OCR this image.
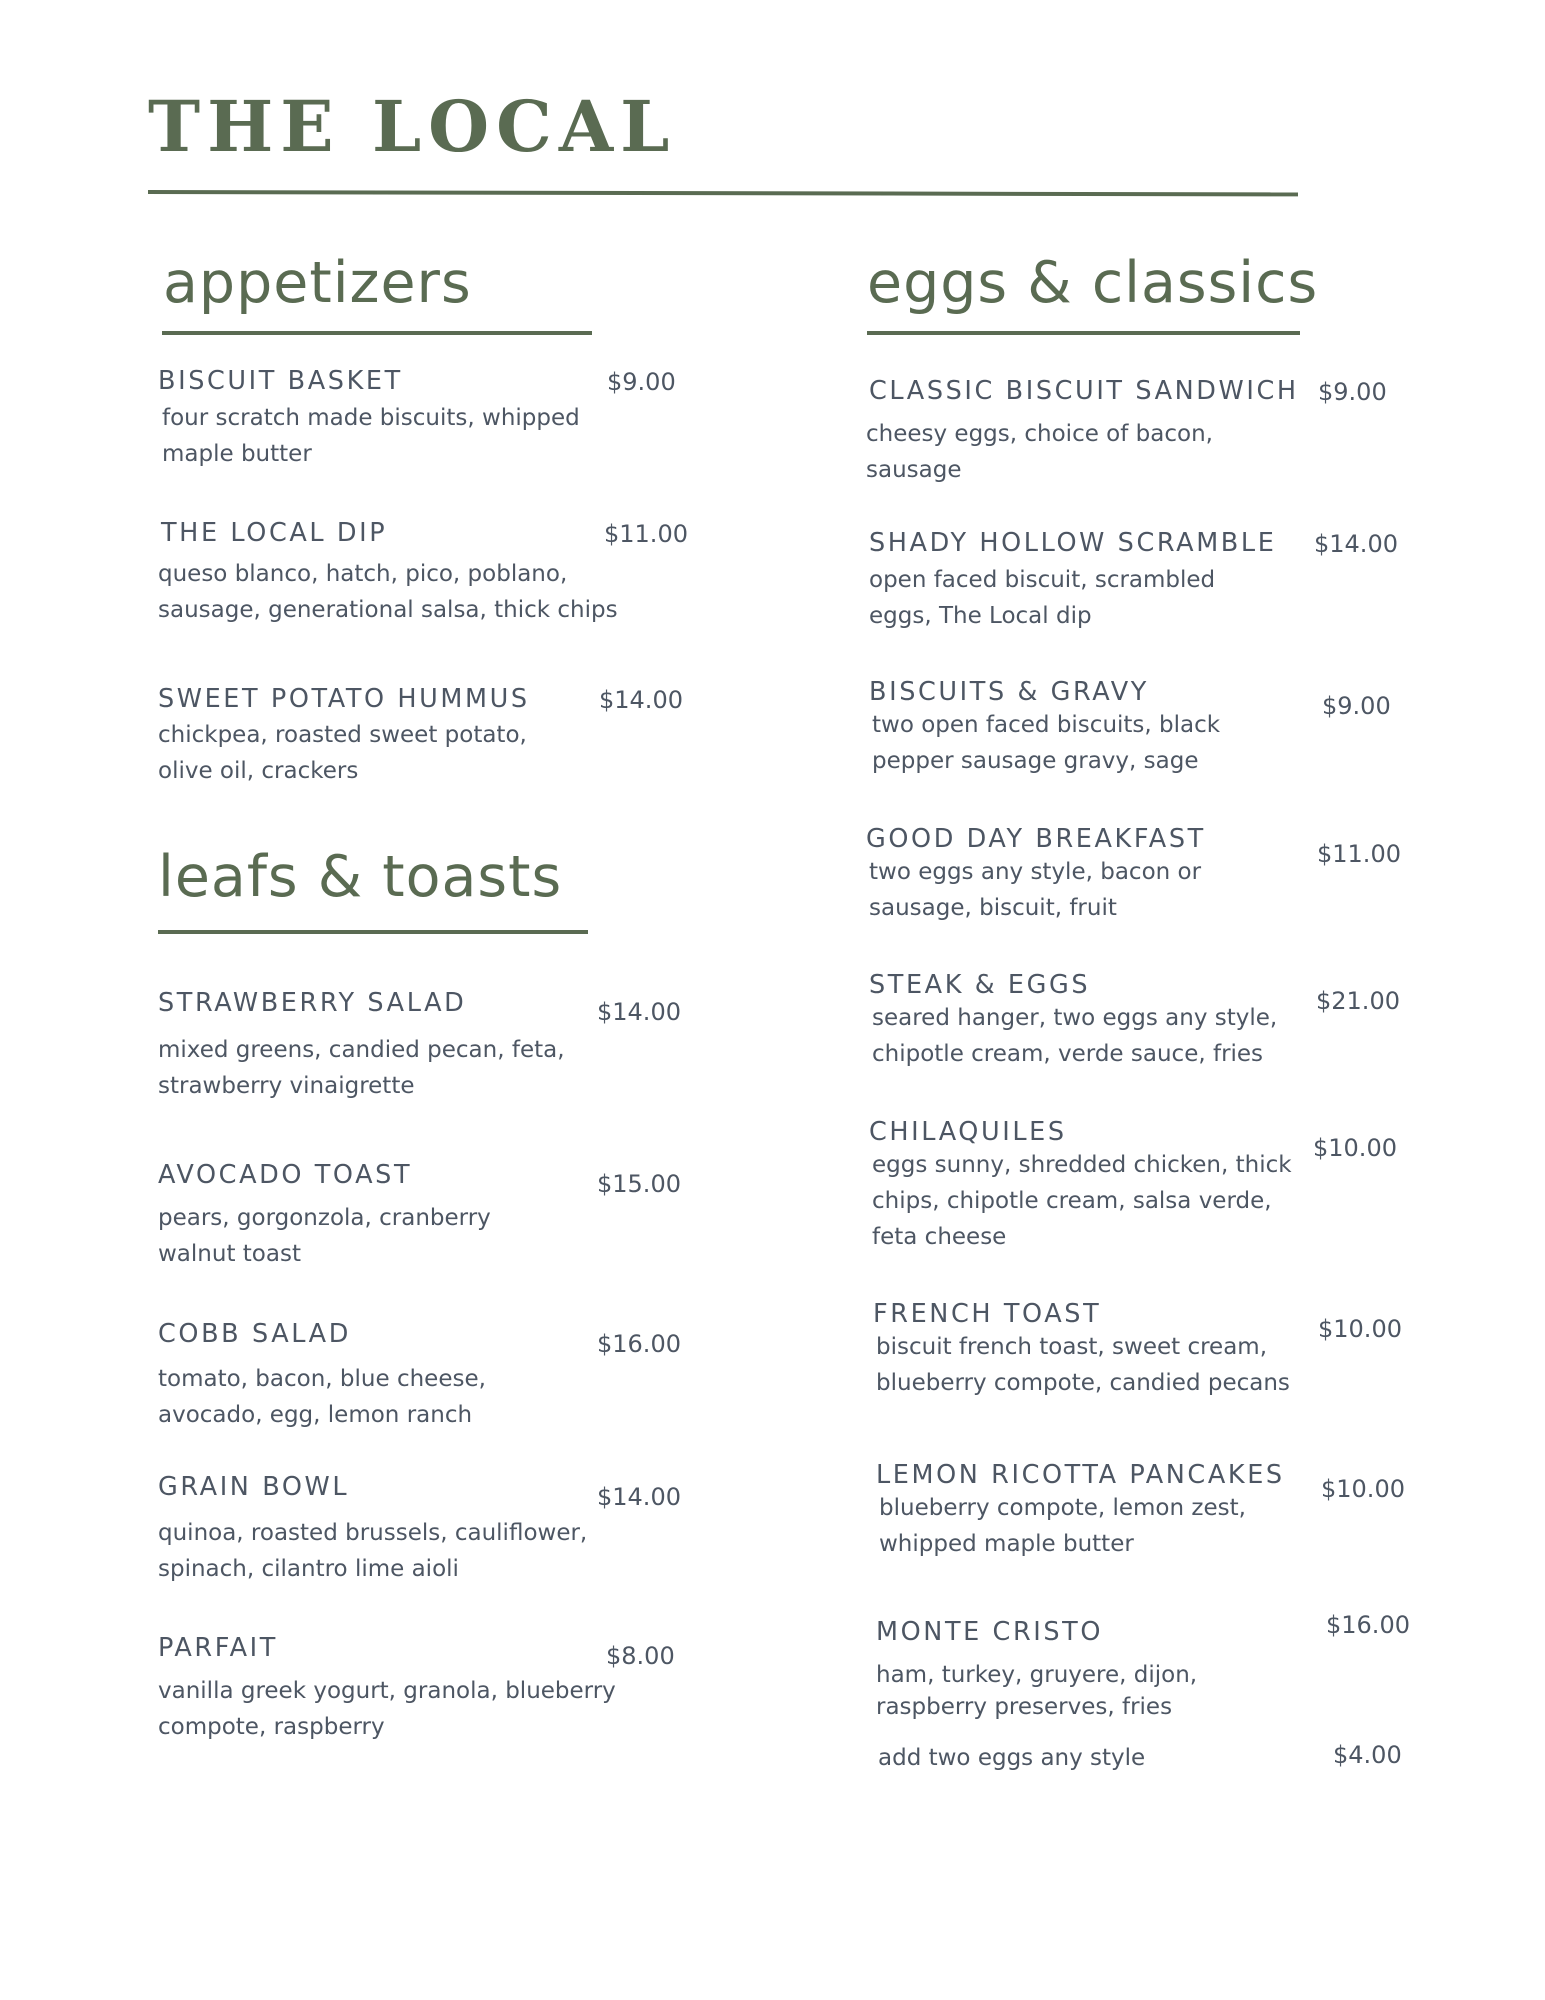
THE LOCAL
appetizers
BISCUIT BASKET
four scratch made biscuits, whipped
maple butter
$9.00
THE LOCAL DIP
queso blanco, hatch, pico, poblano,
sausage, generational salsa, thick chips
$11.00
SWEET POTATO HUMMUS
chickpea, roasted sweet potato,
olive oil, crackers
$14.00
leafs & toasts
STRAWBERRY SALAD
mixed greens, candied pecan, feta,
strawberry vinaigrette
$14.00
AVOCADO TOAST
pears, gorgonzola, cranberry
walnut toast
$15.00
COBB SALAD
tomato, bacon, blue cheese,
avocado, egg, lemon ranch
$16.00
GRAIN BOWL
quinoa, roasted brussels, cauliflower,
spinach, cilantro lime aioli
$14.00
PARFAIT
vanilla greek yogurt, granola, blueberry
compote, raspberry
$8.00
eggs & classics
CLASSIC BISCUIT SANDWICH
cheesy eggs, choice of bacon,
sausage
$9.00
SHADY HOLLOW SCRAMBLE
open faced biscuit, scrambled
eggs, The Local dip
$14.00
BISCUITS & GRAVY
two open faced biscuits, black
pepper sausage gravy, sage
$9.00
GOOD DAY BREAKFAST
two eggs any style, bacon or
sausage, biscuit, fruit
$11.00
STEAK & EGGS
seared hanger, two eggs any style,
chipotle cream, verde sauce, fries
$21.00
CHILAQUILES
eggs sunny, shredded chicken, thick
chips, chipotle cream, salsa verde,
feta cheese
$10.00
FRENCH TOAST
biscuit french toast, sweet cream,
blueberry compote, candied pecans
$10.00
LEMON RICOTTA PANCAKES
blueberry compote, lemon zest,
whipped maple butter
$10.00
MONTE CRISTO
ham, turkey, gruyere, dijon,
raspberry preserves, fries
$16.00
add two eggs any style	$4.00
